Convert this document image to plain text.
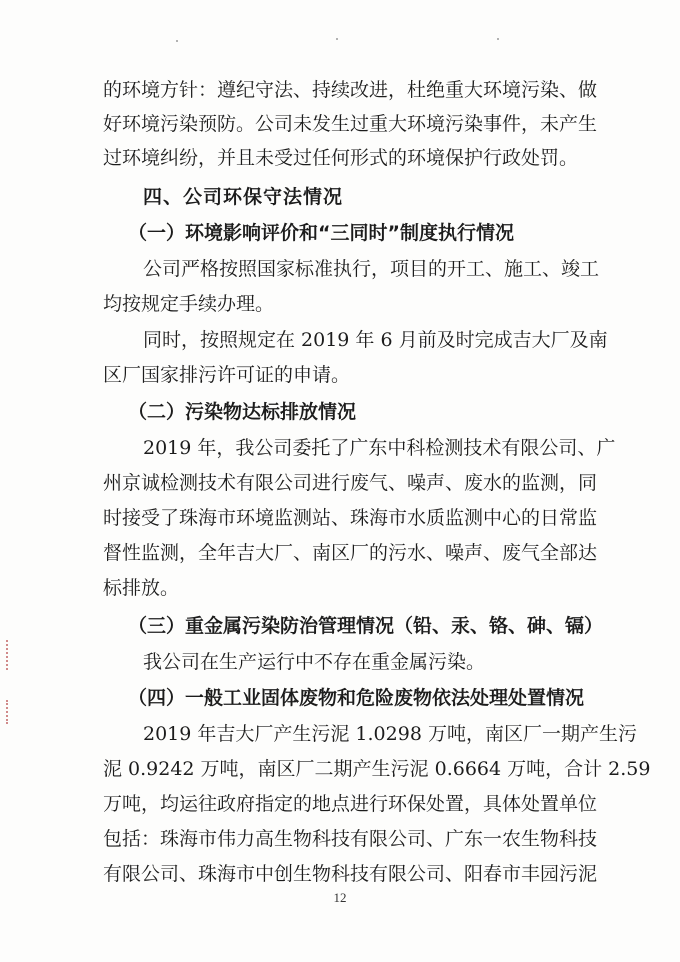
的环境方针：遵纪守法、持续改进，杜绝重大环境污染、做
好环境污染预防。公司未发生过重大环境污染事件，未产生
过环境纠纷，并且未受过任何形式的环境保护行政处罚。
四、公司环保守法情况
（一）环境影响评价和“三同时”制度执行情况
公司严格按照国家标准执行，项目的开工、施工、竣工
均按规定手续办理。
同时，按照规定在 2019 年 6 月前及时完成吉大厂及南
区厂国家排污许可证的申请。
（二）污染物达标排放情况
2019 年，我公司委托了广东中科检测技术有限公司、广
州京诚检测技术有限公司进行废气、噪声、废水的监测，同
时接受了珠海市环境监测站、珠海市水质监测中心的日常监
督性监测，全年吉大厂、南区厂的污水、噪声、废气全部达
标排放。
（三）重金属污染防治管理情况（铅、汞、铬、砷、镉）
我公司在生产运行中不存在重金属污染。
（四）一般工业固体废物和危险废物依法处理处置情况
2019 年吉大厂产生污泥 1.0298 万吨，南区厂一期产生污
泥 0.9242 万吨，南区厂二期产生污泥 0.6664 万吨，合计 2.59
万吨，均运往政府指定的地点进行环保处置，具体处置单位
包括：珠海市伟力高生物科技有限公司、广东一农生物科技
有限公司、珠海市中创生物科技有限公司、阳春市丰园污泥
12
